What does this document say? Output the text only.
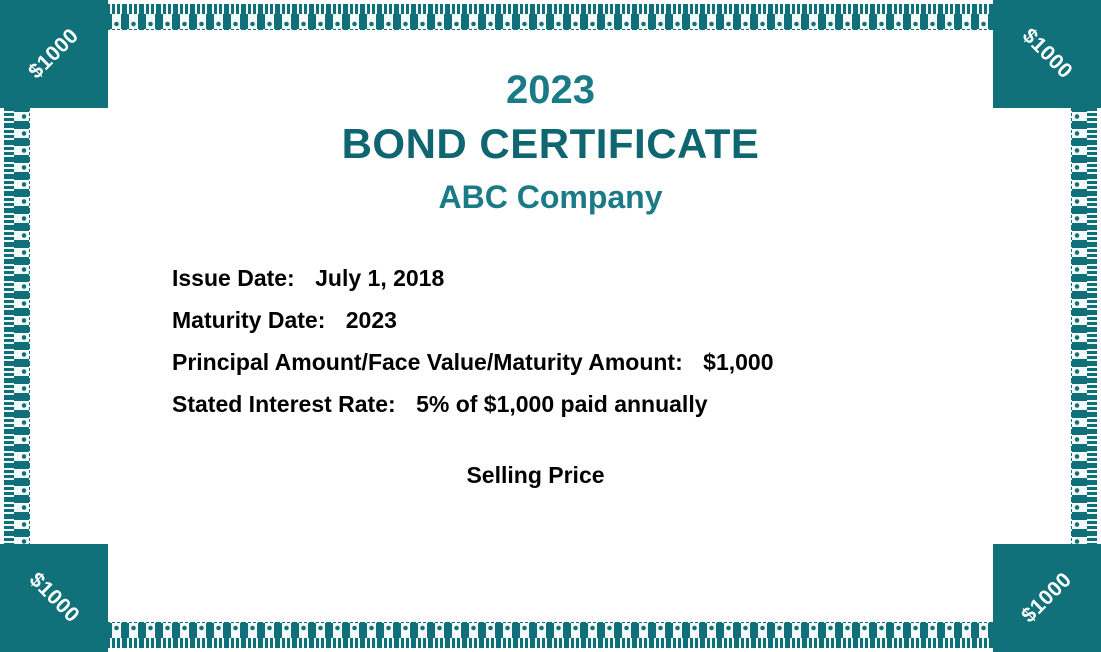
$1000	$1000
$1000	$1000
2023
BOND CERTIFICATE
ABC Company
Issue Date: July 1, 2018
Maturity Date: 2023
Principal Amount/Face Value/Maturity Amount: $1,000
Stated Interest Rate: 5% of $1,000 paid annually
Selling Price
